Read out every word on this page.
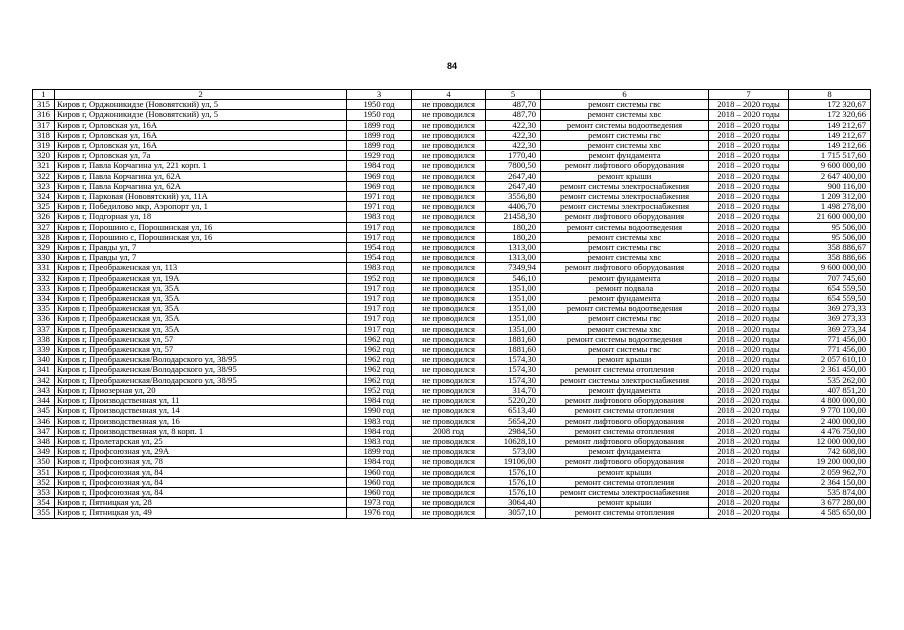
84
1	2	3	4	5	6	7	8
315	Киров г, Орджоникидзе (Нововятский) ул, 5	1950 год	не проводился	487,70	ремонт системы гвс	2018 – 2020 годы	172 320,67
316	Киров г, Орджоникидзе (Нововятский) ул, 5	1950 год	не проводился	487,70	ремонт системы хвс	2018 – 2020 годы	172 320,66
317	Киров г, Орловская ул, 16А	1899 год	не проводился	422,30	ремонт системы водоотведения	2018 – 2020 годы	149 212,67
318	Киров г, Орловская ул, 16А	1899 год	не проводился	422,30	ремонт системы гвс	2018 – 2020 годы	149 212,67
319	Киров г, Орловская ул, 16А	1899 год	не проводился	422,30	ремонт системы хвс	2018 – 2020 годы	149 212,66
320	Киров г, Орловская ул, 7а	1929 год	не проводился	1770,40	ремонт фундамента	2018 – 2020 годы	1 715 517,60
321	Киров г, Павла Корчагина ул, 221 корп. 1	1984 год	не проводился	7800,50	ремонт лифтового оборудования	2018 – 2020 годы	9 600 000,00
322	Киров г, Павла Корчагина ул, 62А	1969 год	не проводился	2647,40	ремонт крыши	2018 – 2020 годы	2 647 400,00
323	Киров г, Павла Корчагина ул, 62А	1969 год	не проводился	2647,40	ремонт системы электроснабжения	2018 – 2020 годы	900 116,00
324	Киров г, Парковая (Нововятский) ул, 11А	1971 год	не проводился	3556,80	ремонт системы электроснабжения	2018 – 2020 годы	1 209 312,00
325	Киров г, Победилово мкр, Аэропорт ул, 1	1971 год	не проводился	4406,70	ремонт системы электроснабжения	2018 – 2020 годы	1 498 278,00
326	Киров г, Подгорная ул, 18	1983 год	не проводился	21458,30	ремонт лифтового оборудования	2018 – 2020 годы	21 600 000,00
327	Киров г, Порошино с, Порошинская ул, 16	1917 год	не проводился	180,20	ремонт системы водоотведения	2018 – 2020 годы	95 506,00
328	Киров г, Порошино с, Порошинская ул, 16	1917 год	не проводился	180,20	ремонт системы хвс	2018 – 2020 годы	95 506,00
329	Киров г, Правды ул, 7	1954 год	не проводился	1313,00	ремонт системы гвс	2018 – 2020 годы	358 886,67
330	Киров г, Правды ул, 7	1954 год	не проводился	1313,00	ремонт системы хвс	2018 – 2020 годы	358 886,66
331	Киров г, Преображенская ул, 113	1983 год	не проводился	7349,94	ремонт лифтового оборудования	2018 – 2020 годы	9 600 000,00
332	Киров г, Преображенская ул, 19А	1952 год	не проводился	546,10	ремонт фундамента	2018 – 2020 годы	707 745,60
333	Киров г, Преображенская ул, 35А	1917 год	не проводился	1351,00	ремонт подвала	2018 – 2020 годы	654 559,50
334	Киров г, Преображенская ул, 35А	1917 год	не проводился	1351,00	ремонт фундамента	2018 – 2020 годы	654 559,50
335	Киров г, Преображенская ул, 35А	1917 год	не проводился	1351,00	ремонт системы водоотведения	2018 – 2020 годы	369 273,33
336	Киров г, Преображенская ул, 35А	1917 год	не проводился	1351,00	ремонт системы гвс	2018 – 2020 годы	369 273,33
337	Киров г, Преображенская ул, 35А	1917 год	не проводился	1351,00	ремонт системы хвс	2018 – 2020 годы	369 273,34
338	Киров г, Преображенская ул, 57	1962 год	не проводился	1881,60	ремонт системы водоотведения	2018 – 2020 годы	771 456,00
339	Киров г, Преображенская ул, 57	1962 год	не проводился	1881,60	ремонт системы гвс	2018 – 2020 годы	771 456,00
340	Киров г, Преображенская/Володарского ул, 38/95	1962 год	не проводился	1574,30	ремонт крыши	2018 – 2020 годы	2 057 610,10
341	Киров г, Преображенская/Володарского ул, 38/95	1962 год	не проводился	1574,30	ремонт системы отопления	2018 – 2020 годы	2 361 450,00
342	Киров г, Преображенская/Володарского ул, 38/95	1962 год	не проводился	1574,30	ремонт системы электроснабжения	2018 – 2020 годы	535 262,00
343	Киров г, Приозерная ул, 20	1952 год	не проводился	314,70	ремонт фундамента	2018 – 2020 годы	407 851,20
344	Киров г, Производственная ул, 11	1984 год	не проводился	5220,20	ремонт лифтового оборудования	2018 – 2020 годы	4 800 000,00
345	Киров г, Производственная ул, 14	1990 год	не проводился	6513,40	ремонт системы отопления	2018 – 2020 годы	9 770 100,00
346	Киров г, Производственная ул, 16	1983 год	не проводился	5654,20	ремонт лифтового оборудования	2018 – 2020 годы	2 400 000,00
347	Киров г, Производственная ул, 8 корп. 1	1984 год	2008 год	2984,50	ремонт системы отопления	2018 – 2020 годы	4 476 750,00
348	Киров г, Пролетарская ул, 25	1983 год	не проводился	10628,10	ремонт лифтового оборудования	2018 – 2020 годы	12 000 000,00
349	Киров г, Профсоюзная ул, 29А	1899 год	не проводился	573,00	ремонт фундамента	2018 – 2020 годы	742 608,00
350	Киров г, Профсоюзная ул, 78	1984 год	не проводился	19106,00	ремонт лифтового оборудования	2018 – 2020 годы	19 200 000,00
351	Киров г, Профсоюзная ул, 84	1960 год	не проводился	1576,10	ремонт крыши	2018 – 2020 годы	2 059 962,70
352	Киров г, Профсоюзная ул, 84	1960 год	не проводился	1576,10	ремонт системы отопления	2018 – 2020 годы	2 364 150,00
353	Киров г, Профсоюзная ул, 84	1960 год	не проводился	1576,10	ремонт системы электроснабжения	2018 – 2020 годы	535 874,00
354	Киров г, Пятницкая ул, 28	1973 год	не проводился	3064,40	ремонт крыши	2018 – 2020 годы	3 677 280,00
355	Киров г, Пятницкая ул, 49	1976 год	не проводился	3057,10	ремонт системы отопления	2018 – 2020 годы	4 585 650,00
